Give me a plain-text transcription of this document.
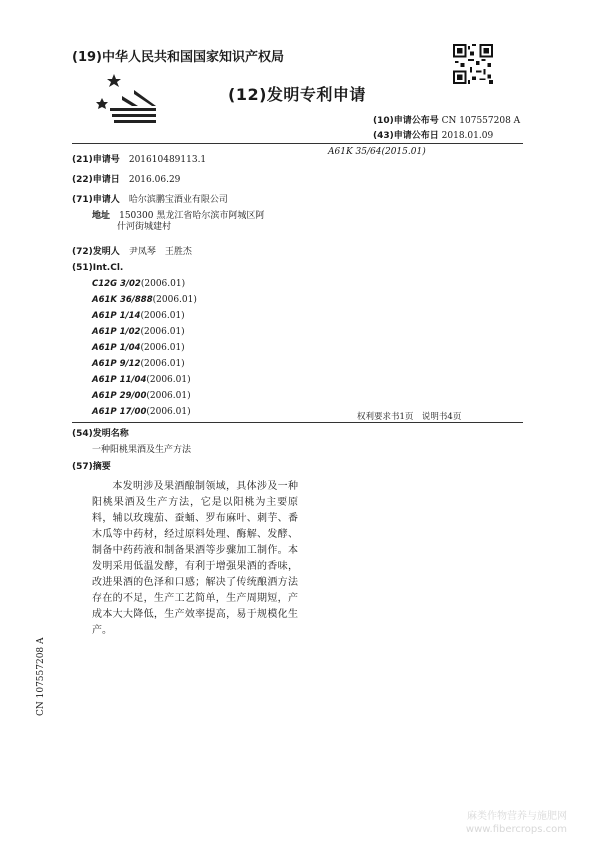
(19)中华人民共和国国家知识产权局
(12)发明专利申请
(10)申请公布号 CN 107557208 A
(43)申请公布日 2018.01.09
(21)申请号 201610489113.1
A61K 35/64(2015.01)
(22)申请日 2016.06.29
(71)申请人 哈尔滨鹏宝酒业有限公司
地址 150300 黑龙江省哈尔滨市阿城区阿
什河街城建村
(72)发明人 尹凤琴　王胜杰
(51)Int.Cl.
C12G 3/02(2006.01)
A61K 36/888(2006.01)
A61P 1/14(2006.01)
A61P 1/02(2006.01)
A61P 1/04(2006.01)
A61P 9/12(2006.01)
A61P 11/04(2006.01)
A61P 29/00(2006.01)
A61P 17/00(2006.01)	权利要求书1页　说明书4页
(54)发明名称
一种阳桃果酒及生产方法
(57)摘要
本发明涉及果酒酿制领域，具体涉及一种阳桃果酒及生产方法，它是以阳桃为主要原料，辅以玫瑰茄、蚕蛹、罗布麻叶、刺芋、番木瓜等中药材，经过原料处理、酶解、发酵、制备中药药液和制备果酒等步骤加工制作。本发明采用低温发酵，有利于增强果酒的香味，改进果酒的色泽和口感；解决了传统酿酒方法存在的不足，生产工艺简单，生产周期短，产成本大大降低，生产效率提高，易于规模化生产。
CN 107557208 A
麻类作物营养与施肥网
www.fibercrops.com
